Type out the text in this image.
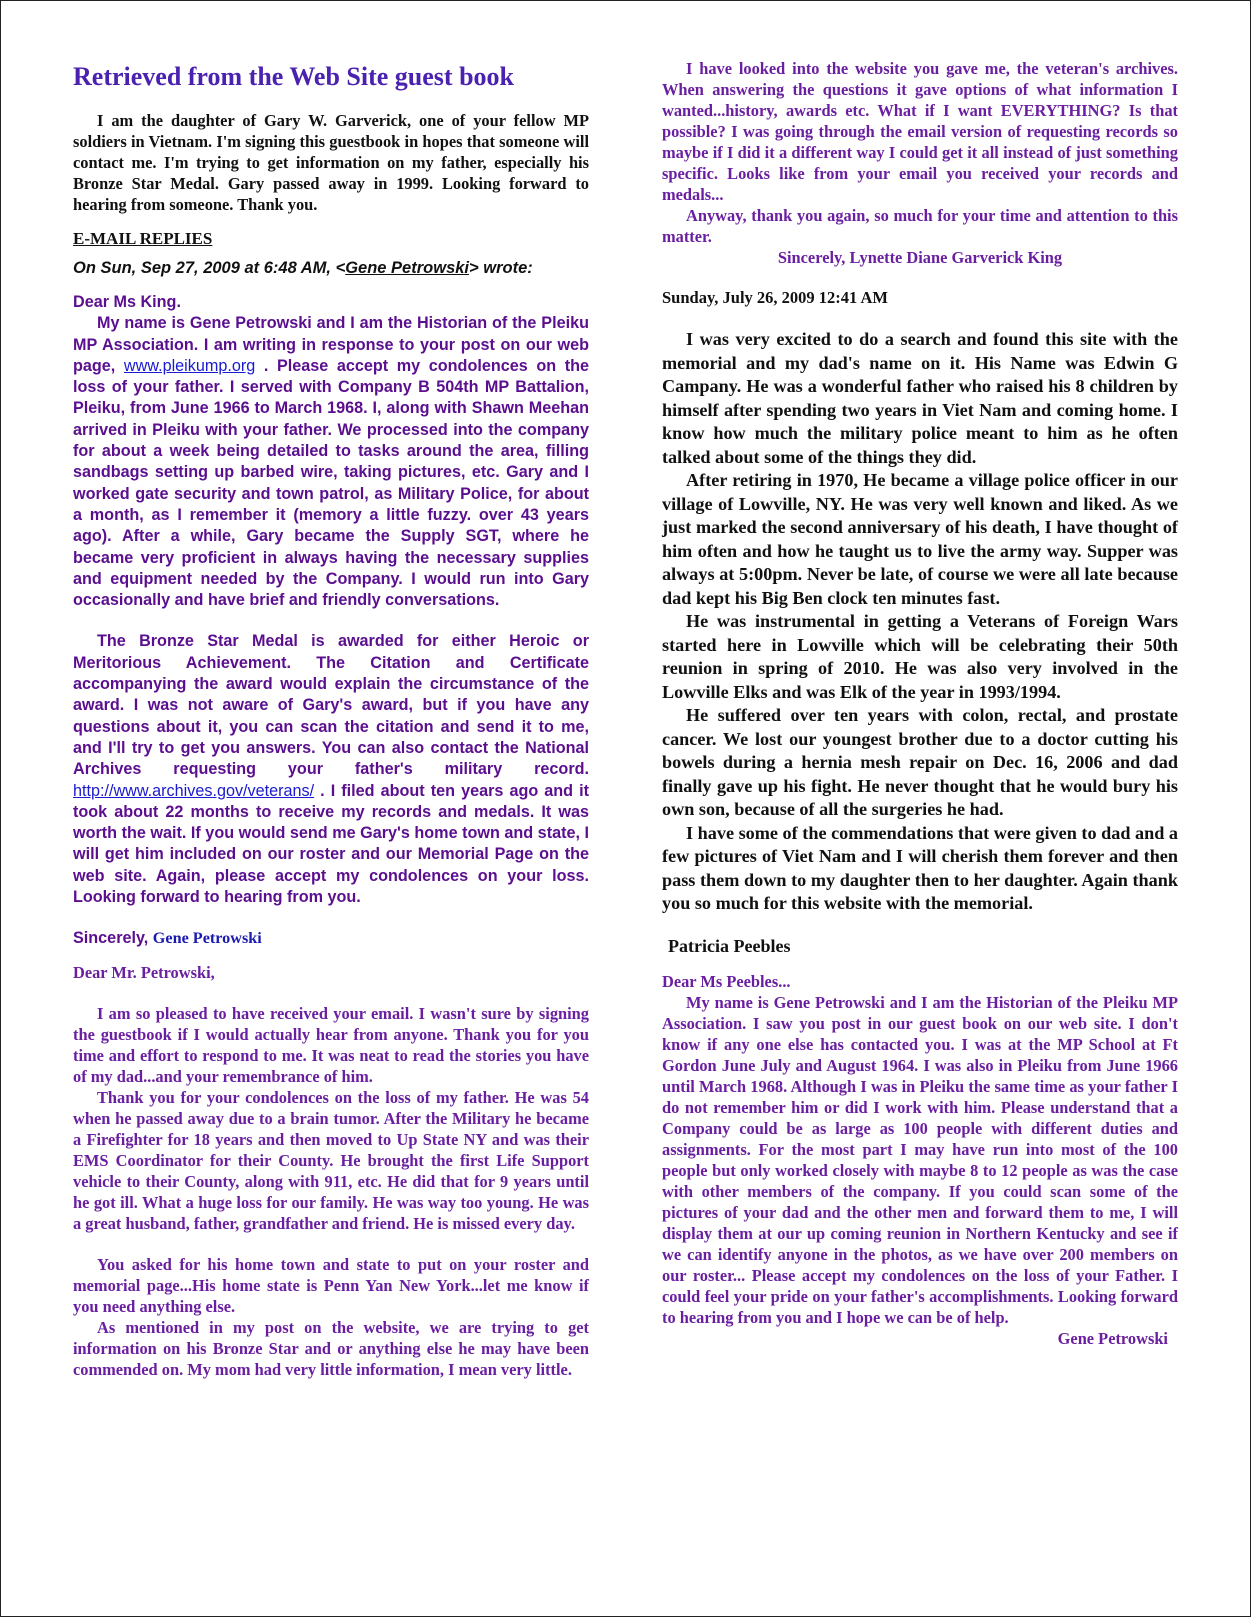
Retrieved from the Web Site guest book

I am the daughter of Gary W. Garverick, one of your fellow MP soldiers in Vietnam. I'm signing this guestbook in hopes that someone will contact me. I'm trying to get information on my father, especially his Bronze Star Medal. Gary passed away in 1999. Looking forward to hearing from someone. Thank you.

E-MAIL REPLIES
On Sun, Sep 27, 2009 at 6:48 AM, <Gene Petrowski> wrote:

Dear Ms King.

My name is Gene Petrowski and I am the Historian of the Pleiku MP Association. I am writing in response to your post on our web page, www.pleikump.org . Please accept my condolences on the loss of your father. I served with Company B 504th MP Battalion, Pleiku, from June 1966 to March 1968. I, along with Shawn Meehan arrived in Pleiku with your father. We processed into the company for about a week being detailed to tasks around the area, filling sandbags setting up barbed wire, taking pictures, etc. Gary and I worked gate security and town patrol, as Military Police, for about a month, as I remember it (memory a little fuzzy. over 43 years ago). After a while, Gary became the Supply SGT, where he became very proficient in always having the necessary supplies and equipment needed by the Company. I would run into Gary occasionally and have brief and friendly conversations.

The Bronze Star Medal is awarded for either Heroic or Meritorious Achievement. The Citation and Certificate accompanying the award would explain the circumstance of the award. I was not aware of Gary's award, but if you have any questions about it, you can scan the citation and send it to me, and I'll try to get you answers. You can also contact the National Archives requesting your father's military record. http://www.archives.gov/veterans/ . I filed about ten years ago and it took about 22 months to receive my records and medals. It was worth the wait. If you would send me Gary's home town and state, I will get him included on our roster and our Memorial Page on the web site. Again, please accept my condolences on your loss. Looking forward to hearing from you.

Sincerely, Gene Petrowski

Dear Mr. Petrowski,

I am so pleased to have received your email. I wasn't sure by signing the guestbook if I would actually hear from anyone. Thank you for you time and effort to respond to me. It was neat to read the stories you have of my dad...and your remembrance of him.

Thank you for your condolences on the loss of my father. He was 54 when he passed away due to a brain tumor. After the Military he became a Firefighter for 18 years and then moved to Up State NY and was their EMS Coordinator for their County. He brought the first Life Support vehicle to their County, along with 911, etc. He did that for 9 years until he got ill. What a huge loss for our family. He was way too young. He was a great husband, father, grandfather and friend. He is missed every day.

You asked for his home town and state to put on your roster and memorial page...His home state is Penn Yan New York...let me know if you need anything else.

As mentioned in my post on the website, we are trying to get information on his Bronze Star and or anything else he may have been commended on. My mom had very little information, I mean very little.

I have looked into the website you gave me, the veteran's archives. When answering the questions it gave options of what information I wanted...history, awards etc. What if I want EVERYTHING? Is that possible? I was going through the email version of requesting records so maybe if I did it a different way I could get it all instead of just something specific. Looks like from your email you received your records and medals...

Anyway, thank you again, so much for your time and attention to this matter.

Sincerely, Lynette Diane Garverick King

Sunday, July 26, 2009 12:41 AM

I was very excited to do a search and found this site with the memorial and my dad's name on it. His Name was Edwin G Campany. He was a wonderful father who raised his 8 children by himself after spending two years in Viet Nam and coming home. I know how much the military police meant to him as he often talked about some of the things they did.

After retiring in 1970, He became a village police officer in our village of Lowville, NY. He was very well known and liked. As we just marked the second anniversary of his death, I have thought of him often and how he taught us to live the army way. Supper was always at 5:00pm. Never be late, of course we were all late because dad kept his Big Ben clock ten minutes fast.

He was instrumental in getting a Veterans of Foreign Wars started here in Lowville which will be celebrating their 50th reunion in spring of 2010. He was also very involved in the Lowville Elks and was Elk of the year in 1993/1994.

He suffered over ten years with colon, rectal, and prostate cancer. We lost our youngest brother due to a doctor cutting his bowels during a hernia mesh repair on Dec. 16, 2006 and dad finally gave up his fight. He never thought that he would bury his own son, because of all the surgeries he had.

I have some of the commendations that were given to dad and a few pictures of Viet Nam and I will cherish them forever and then pass them down to my daughter then to her daughter. Again thank you so much for this website with the memorial.

Patricia Peebles

Dear Ms Peebles...

My name is Gene Petrowski and I am the Historian of the Pleiku MP Association. I saw you post in our guest book on our web site. I don't know if any one else has contacted you. I was at the MP School at Ft Gordon June July and August 1964. I was also in Pleiku from June 1966 until March 1968. Although I was in Pleiku the same time as your father I do not remember him or did I work with him. Please understand that a Company could be as large as 100 people with different duties and assignments. For the most part I may have run into most of the 100 people but only worked closely with maybe 8 to 12 people as was the case with other members of the company. If you could scan some of the pictures of your dad and the other men and forward them to me, I will display them at our up coming reunion in Northern Kentucky and see if we can identify anyone in the photos, as we have over 200 members on our roster... Please accept my condolences on the loss of your Father. I could feel your pride on your father's accomplishments. Looking forward to hearing from you and I hope we can be of help.

Gene Petrowski
